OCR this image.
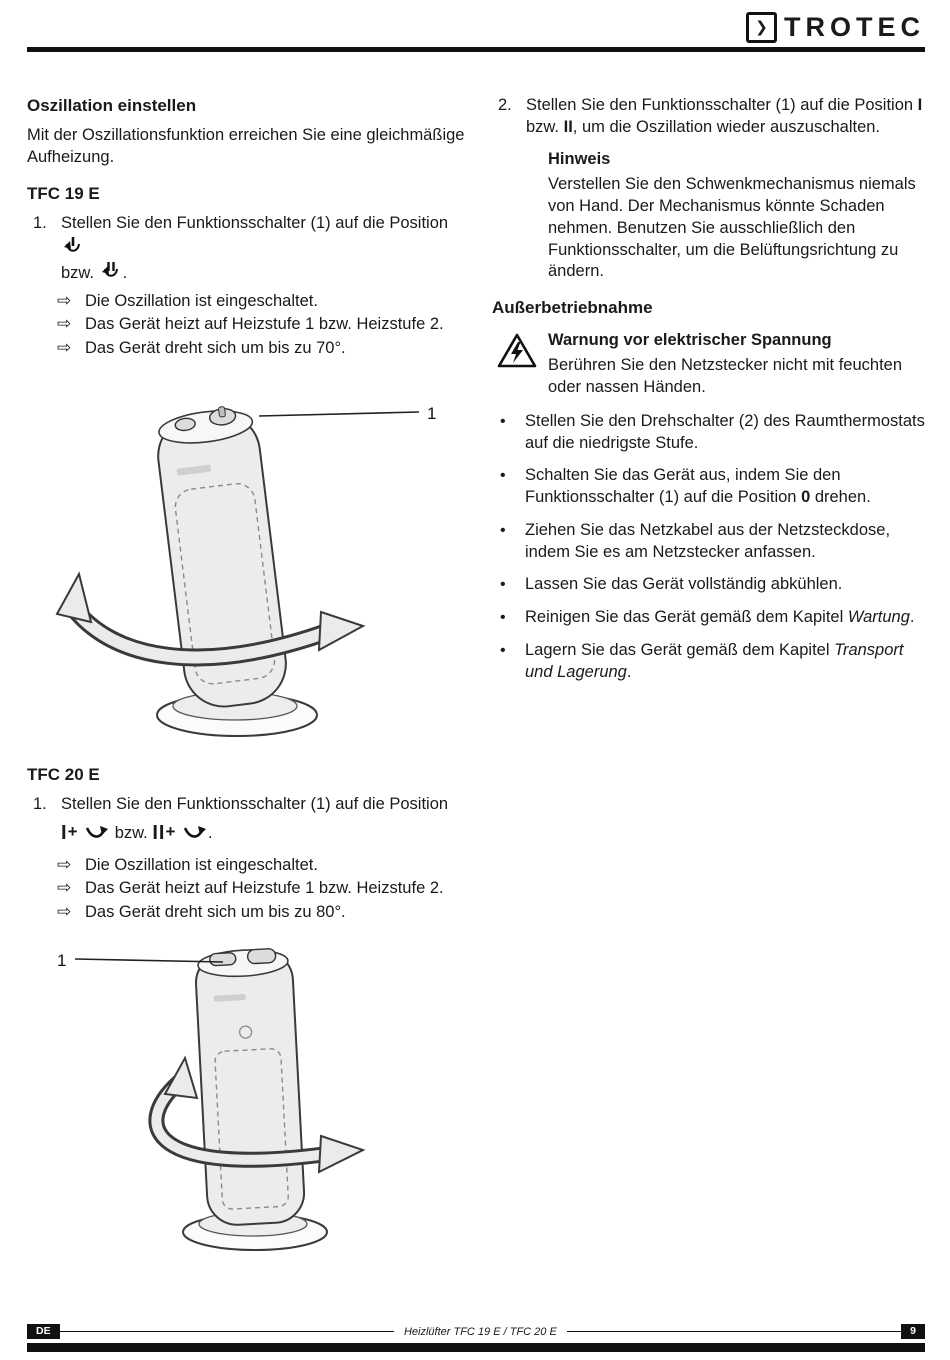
❯ TROTEC
Oszillation einstellen

Mit der Oszillationsfunktion erreichen Sie eine gleichmäßige Aufheizung.

TFC 19 E
1. Stellen Sie den Funktionsschalter (1) auf die Position
bzw. .
⇨ Die Oszillation ist eingeschaltet.
⇨ Das Gerät heizt auf Heizstufe 1 bzw. Heizstufe 2.
⇨ Das Gerät dreht sich um bis zu 70°.
1
TFC 20 E
1. Stellen Sie den Funktionsschalter (1) auf die Position
I+ bzw. II+ .
⇨ Die Oszillation ist eingeschaltet.
⇨ Das Gerät heizt auf Heizstufe 1 bzw. Heizstufe 2.
⇨ Das Gerät dreht sich um bis zu 80°.
1
2. Stellen Sie den Funktionsschalter (1) auf die Position I bzw. II, um die Oszillation wieder auszuschalten.
Hinweis
Verstellen Sie den Schwenkmechanismus niemals von Hand. Der Mechanismus könnte Schaden nehmen. Benutzen Sie ausschließlich den Funktionsschalter, um die Belüftungsrichtung zu ändern.
Außerbetriebnahme
Warnung vor elektrischer Spannung
Berühren Sie den Netzstecker nicht mit feuchten oder nassen Händen.
• Stellen Sie den Drehschalter (2) des Raumthermostats auf die niedrigste Stufe.
• Schalten Sie das Gerät aus, indem Sie den Funktionsschalter (1) auf die Position 0 drehen.
• Ziehen Sie das Netzkabel aus der Netzsteckdose, indem Sie es am Netzstecker anfassen.
• Lassen Sie das Gerät vollständig abkühlen.
• Reinigen Sie das Gerät gemäß dem Kapitel Wartung.
• Lagern Sie das Gerät gemäß dem Kapitel Transport und Lagerung.
DE	Heizlüfter TFC 19 E / TFC 20 E	9
